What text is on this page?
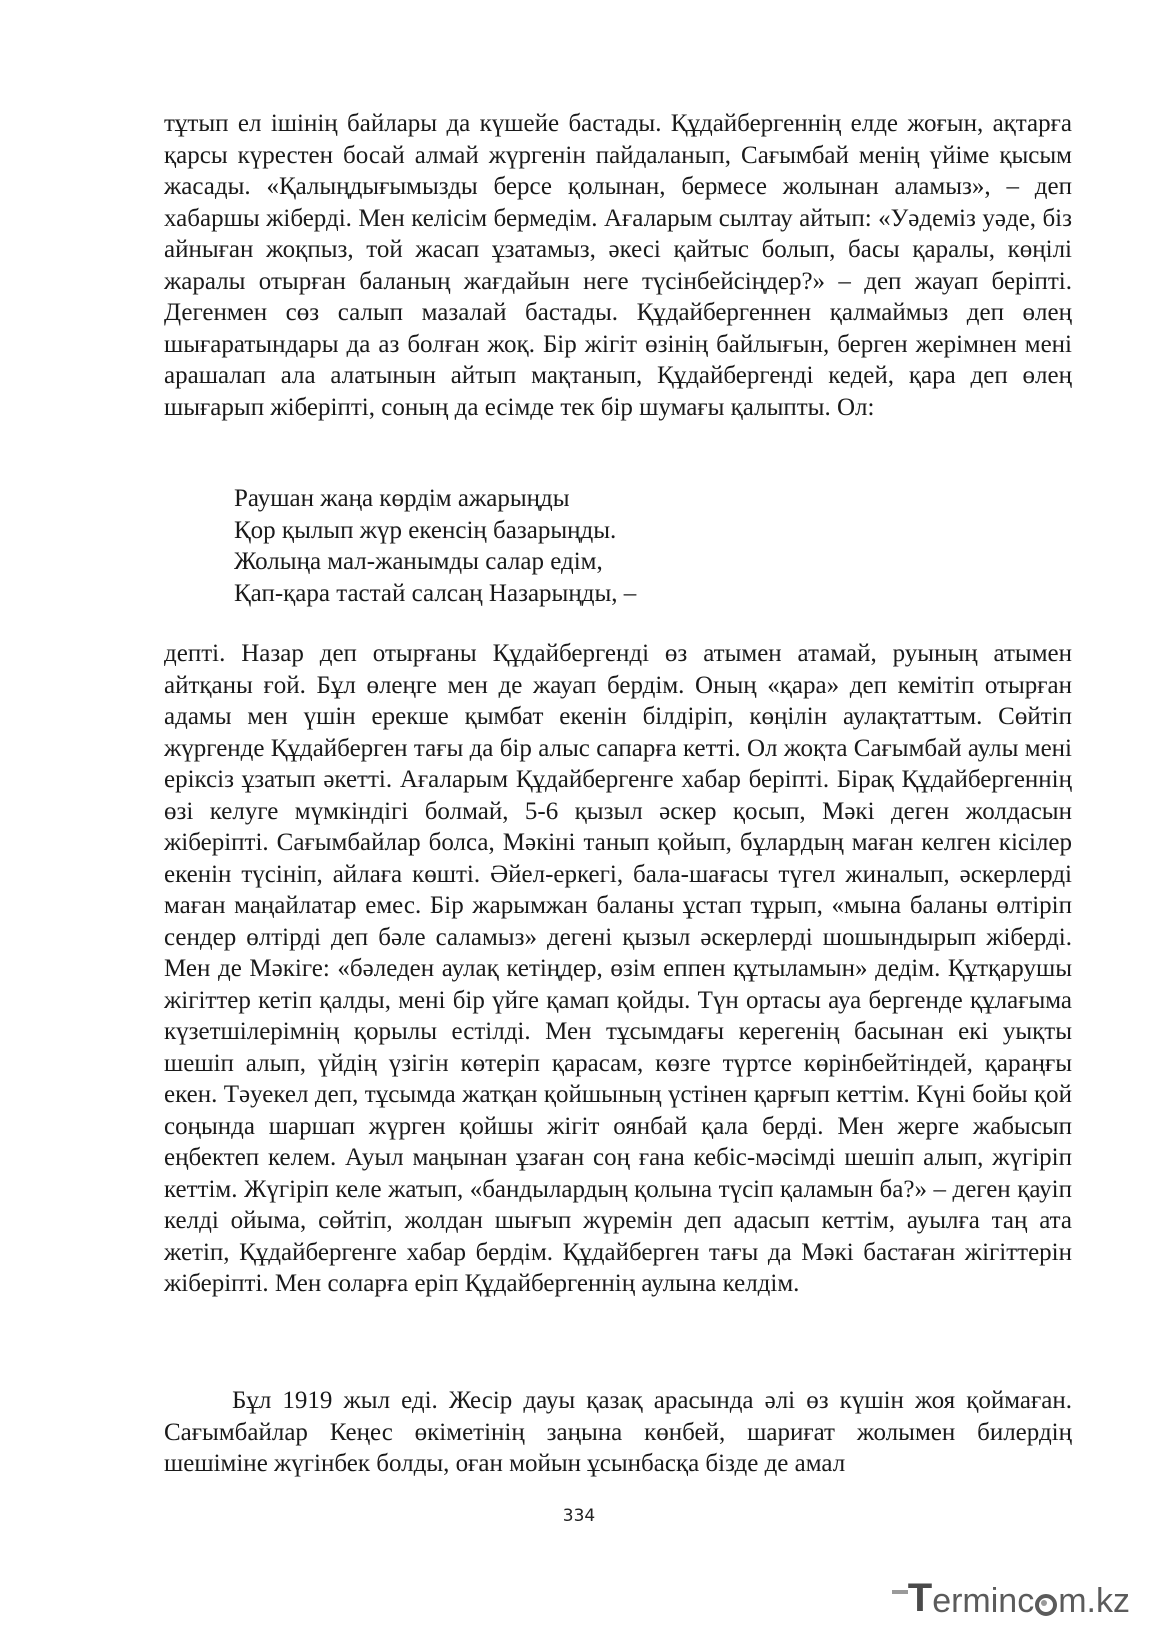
тұтып ел ішінің байлары да күшейе бастады. Құдайбергеннің елде жоғын, ақтарға қарсы күрестен босай алмай жүргенін пайдаланып, Сағымбай менің үйіме қысым жасады. «Қалыңдығымызды берсе қолынан, бермесе жолынан аламыз», – деп хабаршы жіберді. Мен келісім бермедім. Ағаларым сылтау айтып: «Уәдеміз уәде, біз айныған жоқпыз, той жасап ұзатамыз, әкесі қайтыс болып, басы қаралы, көңілі жаралы отырған баланың жағдайын неге түсінбейсіңдер?» – деп жауап беріпті. Дегенмен сөз салып мазалай бастады. Құдайбергеннен қалмаймыз деп өлең шығаратындары да аз болған жоқ. Бір жігіт өзінің байлығын, берген жерімнен мені арашалап ала алатынын айтып мақтанып, Құдайбергенді кедей, қара деп өлең шығарып жіберіпті, соның да есімде тек бір шумағы қалыпты. Ол:
Раушан жаңа көрдім ажарыңды
Қор қылып жүр екенсің базарыңды.
Жолыңа мал-жанымды салар едім,
Қап-қара тастай салсаң Назарыңды, –
депті. Назар деп отырғаны Құдайбергенді өз атымен атамай, руының атымен айтқаны ғой. Бұл өлеңге мен де жауап бердім. Оның «қара» деп кемітіп отырған адамы мен үшін ерекше қымбат екенін білдіріп, көңілін аулақтаттым. Сөйтіп жүргенде Құдайберген тағы да бір алыс сапарға кетті. Ол жоқта Сағымбай аулы мені еріксіз ұзатып әкетті. Ағаларым Құдайбергенге хабар беріпті. Бірақ Құдайбергеннің өзі келуге мүмкіндігі болмай, 5-6 қызыл әскер қосып, Мәкі деген жолдасын жіберіпті. Сағымбайлар болса, Мәкіні танып қойып, бұлардың маған келген кісілер екенін түсініп, айлаға көшті. Әйел-еркегі, бала-шағасы түгел жиналып, әскерлерді маған маңайлатар емес. Бір жарымжан баланы ұстап тұрып, «мына баланы өлтіріп сендер өлтірді деп бәле саламыз» дегені қызыл әскерлерді шошындырып жіберді. Мен де Мәкіге: «бәледен аулақ кетіңдер, өзім еппен құтыламын» дедім. Құтқарушы жігіттер кетіп қалды, мені бір үйге қамап қойды. Түн ортасы ауа бергенде құлағыма күзетшілерімнің қорылы естілді. Мен тұсымдағы керегенің басынан екі уықты шешіп алып, үйдің үзігін көтеріп қарасам, көзге түртсе көрінбейтіндей, қараңғы екен. Тәуекел деп, тұсымда жатқан қойшының үстінен қарғып кеттім. Күні бойы қой соңында шаршап жүрген қойшы жігіт оянбай қала берді. Мен жерге жабысып еңбектеп келем. Ауыл маңынан ұзаған соң ғана кебіс-мәсімді шешіп алып, жүгіріп кеттім. Жүгіріп келе жатып, «бандылардың қолына түсіп қаламын ба?» – деген қауіп келді ойыма, сөйтіп, жолдан шығып жүремін деп адасып кеттім, ауылға таң ата жетіп, Құдайбергенге хабар бердім. Құдайберген тағы да Мәкі бастаған жігіттерін жіберіпті. Мен соларға еріп Құдайбергеннің аулына келдім.
Бұл 1919 жыл еді. Жесір дауы қазақ арасында әлі өз күшін жоя қоймаған. Сағымбайлар Кеңес өкіметінің заңына көнбей, шариғат жолымен билердің шешіміне жүгінбек болды, оған мойын ұсынбасқа бізде де амал
334
T erminc m.kz
